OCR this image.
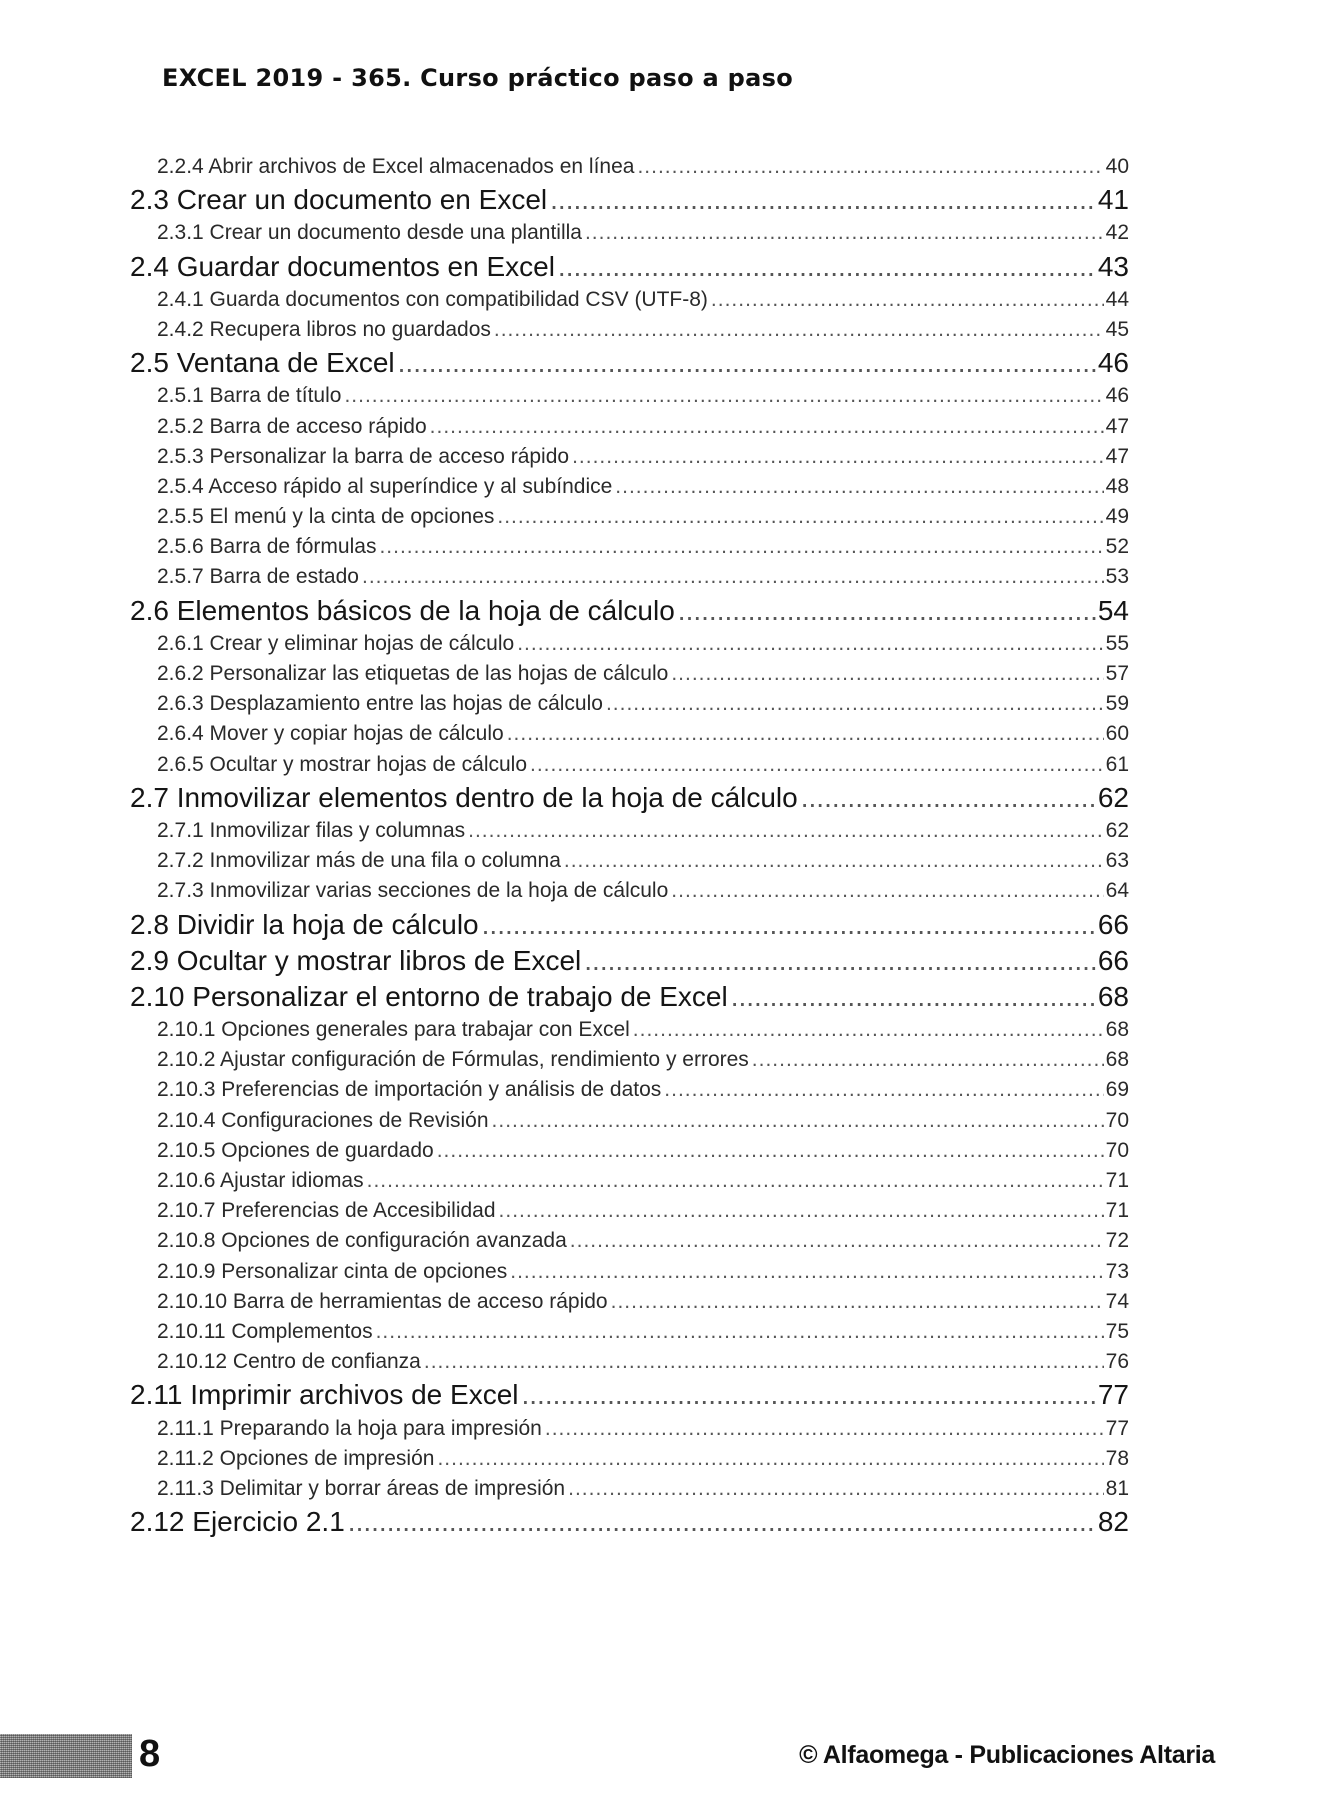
EXCEL 2019 - 365. Curso práctico paso a paso
2.2.4 Abrir archivos de Excel almacenados en línea .....	40
2.3 Crear un documento en Excel .....	41
2.3.1 Crear un documento desde una plantilla .....	42
2.4 Guardar documentos en Excel .....	43
2.4.1 Guarda documentos con compatibilidad CSV (UTF-8) .....	44
2.4.2 Recupera libros no guardados .....	45
2.5 Ventana de Excel .....	46
2.5.1 Barra de título .....	46
2.5.2 Barra de acceso rápido .....	47
2.5.3 Personalizar la barra de acceso rápido .....	47
2.5.4 Acceso rápido al superíndice y al subíndice .....	48
2.5.5 El menú y la cinta de opciones .....	49
2.5.6 Barra de fórmulas .....	52
2.5.7 Barra de estado .....	53
2.6 Elementos básicos de la hoja de cálculo .....	54
2.6.1 Crear y eliminar hojas de cálculo .....	55
2.6.2 Personalizar las etiquetas de las hojas de cálculo .....	57
2.6.3 Desplazamiento entre las hojas de cálculo .....	59
2.6.4 Mover y copiar hojas de cálculo .....	60
2.6.5 Ocultar y mostrar hojas de cálculo .....	61
2.7 Inmovilizar elementos dentro de la hoja de cálculo .....	62
2.7.1 Inmovilizar filas y columnas .....	62
2.7.2 Inmovilizar más de una fila o columna .....	63
2.7.3 Inmovilizar varias secciones de la hoja de cálculo .....	64
2.8 Dividir la hoja de cálculo .....	66
2.9 Ocultar y mostrar libros de Excel .....	66
2.10 Personalizar el entorno de trabajo de Excel .....	68
2.10.1 Opciones generales para trabajar con Excel .....	68
2.10.2 Ajustar configuración de Fórmulas, rendimiento y errores .....	68
2.10.3 Preferencias de importación y análisis de datos .....	69
2.10.4 Configuraciones de Revisión .....	70
2.10.5 Opciones de guardado .....	70
2.10.6 Ajustar idiomas .....	71
2.10.7 Preferencias de Accesibilidad .....	71
2.10.8 Opciones de configuración avanzada .....	72
2.10.9 Personalizar cinta de opciones .....	73
2.10.10 Barra de herramientas de acceso rápido .....	74
2.10.11 Complementos .....	75
2.10.12 Centro de confianza .....	76
2.11 Imprimir archivos de Excel .....	77
2.11.1 Preparando la hoja para impresión .....	77
2.11.2 Opciones de impresión .....	78
2.11.3 Delimitar y borrar áreas de impresión .....	81
2.12 Ejercicio 2.1 .....	82
8	© Alfaomega - Publicaciones Altaria
